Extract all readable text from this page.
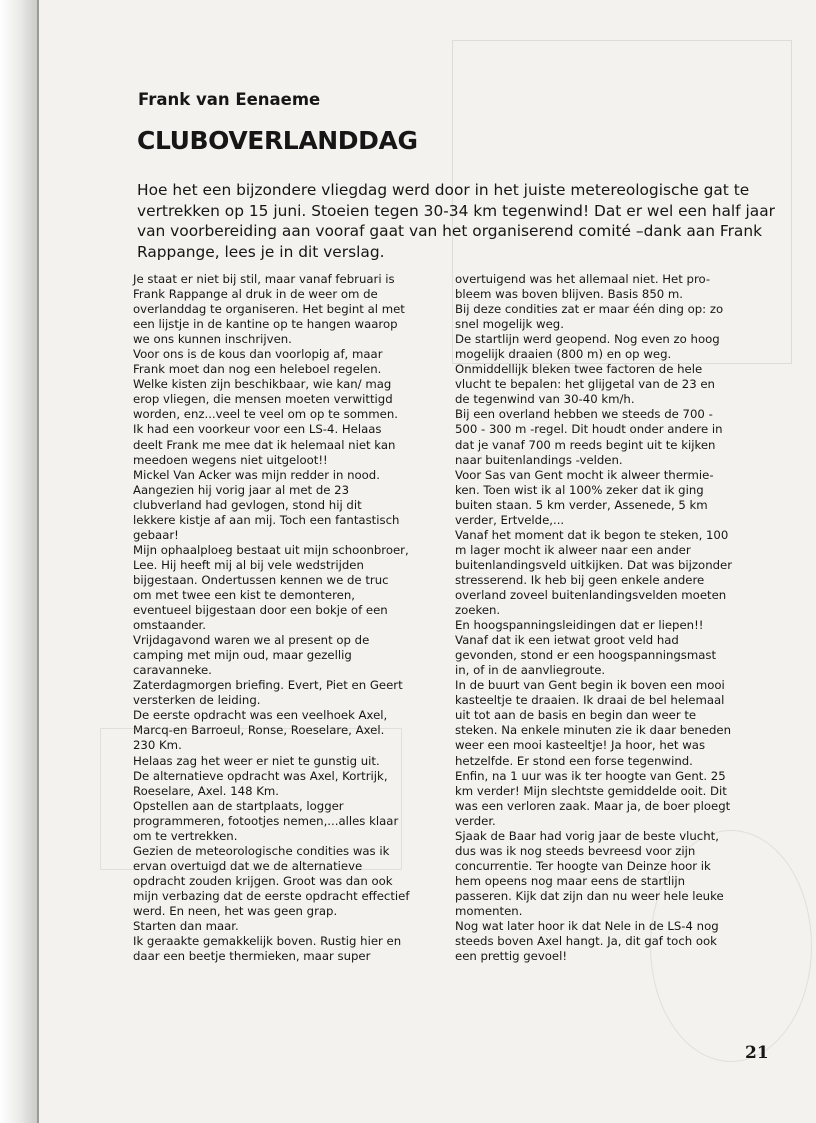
Frank van Eenaeme
CLUBOVERLANDDAG

Hoe het een bijzondere vliegdag werd door in het juiste metereologische gat te
vertrekken op 15 juni. Stoeien tegen 30-34 km tegenwind! Dat er wel een half jaar
van voorbereiding aan vooraf gaat van het organiserend comité –dank aan Frank
Rappange, lees je in dit verslag.

Je staat er niet bij stil, maar vanaf februari is
Frank Rappange al druk in de weer om de
overlanddag te organiseren. Het begint al met
een lijstje in de kantine op te hangen waarop
we ons kunnen inschrijven.
Voor ons is de kous dan voorlopig af, maar
Frank moet dan nog een heleboel regelen.
Welke kisten zijn beschikbaar, wie kan/ mag
erop vliegen, die mensen moeten verwittigd
worden, enz...veel te veel om op te sommen.
Ik had een voorkeur voor een LS-4. Helaas
deelt Frank me mee dat ik helemaal niet kan
meedoen wegens niet uitgeloot!!
Mickel Van Acker was mijn redder in nood.
Aangezien hij vorig jaar al met de 23
clubverland had gevlogen, stond hij dit
lekkere kistje af aan mij. Toch een fantastisch
gebaar!
Mijn ophaalploeg bestaat uit mijn schoonbroer,
Lee. Hij heeft mij al bij vele wedstrijden
bijgestaan. Ondertussen kennen we de truc
om met twee een kist te demonteren,
eventueel bijgestaan door een bokje of een
omstaander.
Vrijdagavond waren we al present op de
camping met mijn oud, maar gezellig
caravanneke.
Zaterdagmorgen briefing. Evert, Piet en Geert
versterken de leiding.
De eerste opdracht was een veelhoek Axel,
Marcq-en Barroeul, Ronse, Roeselare, Axel.
230 Km.
Helaas zag het weer er niet te gunstig uit.
De alternatieve opdracht was Axel, Kortrijk,
Roeselare, Axel. 148 Km.
Opstellen aan de startplaats, logger
programmeren, fotootjes nemen,...alles klaar
om te vertrekken.
Gezien de meteorologische condities was ik
ervan overtuigd dat we de alternatieve
opdracht zouden krijgen. Groot was dan ook
mijn verbazing dat de eerste opdracht effectief
werd. En neen, het was geen grap.
Starten dan maar.
Ik geraakte gemakkelijk boven. Rustig hier en
daar een beetje thermieken, maar super
overtuigend was het allemaal niet. Het pro-
bleem was boven blijven. Basis 850 m.
Bij deze condities zat er maar één ding op: zo
snel mogelijk weg.
De startlijn werd geopend. Nog even zo hoog
mogelijk draaien (800 m) en op weg.
Onmiddellijk bleken twee factoren de hele
vlucht te bepalen: het glijgetal van de 23 en
de tegenwind van 30-40 km/h.
Bij een overland hebben we steeds de 700 -
500 - 300 m -regel. Dit houdt onder andere in
dat je vanaf 700 m reeds begint uit te kijken
naar buitenlandings -velden.
Voor Sas van Gent mocht ik alweer thermie-
ken. Toen wist ik al 100% zeker dat ik ging
buiten staan. 5 km verder, Assenede, 5 km
verder, Ertvelde,...
Vanaf het moment dat ik begon te steken, 100
m lager mocht ik alweer naar een ander
buitenlandingsveld uitkijken. Dat was bijzonder
stresserend. Ik heb bij geen enkele andere
overland zoveel buitenlandingsvelden moeten
zoeken.
En hoogspanningsleidingen dat er liepen!!
Vanaf dat ik een ietwat groot veld had
gevonden, stond er een hoogspanningsmast
in, of in de aanvliegroute.
In de buurt van Gent begin ik boven een mooi
kasteeltje te draaien. Ik draai de bel helemaal
uit tot aan de basis en begin dan weer te
steken. Na enkele minuten zie ik daar beneden
weer een mooi kasteeltje! Ja hoor, het was
hetzelfde. Er stond een forse tegenwind.
Enfin, na 1 uur was ik ter hoogte van Gent. 25
km verder! Mijn slechtste gemiddelde ooit. Dit
was een verloren zaak. Maar ja, de boer ploegt
verder.
Sjaak de Baar had vorig jaar de beste vlucht,
dus was ik nog steeds bevreesd voor zijn
concurrentie. Ter hoogte van Deinze hoor ik
hem opeens nog maar eens de startlijn
passeren. Kijk dat zijn dan nu weer hele leuke
momenten.
Nog wat later hoor ik dat Nele in de LS-4 nog
steeds boven Axel hangt. Ja, dit gaf toch ook
een prettig gevoel!
21
